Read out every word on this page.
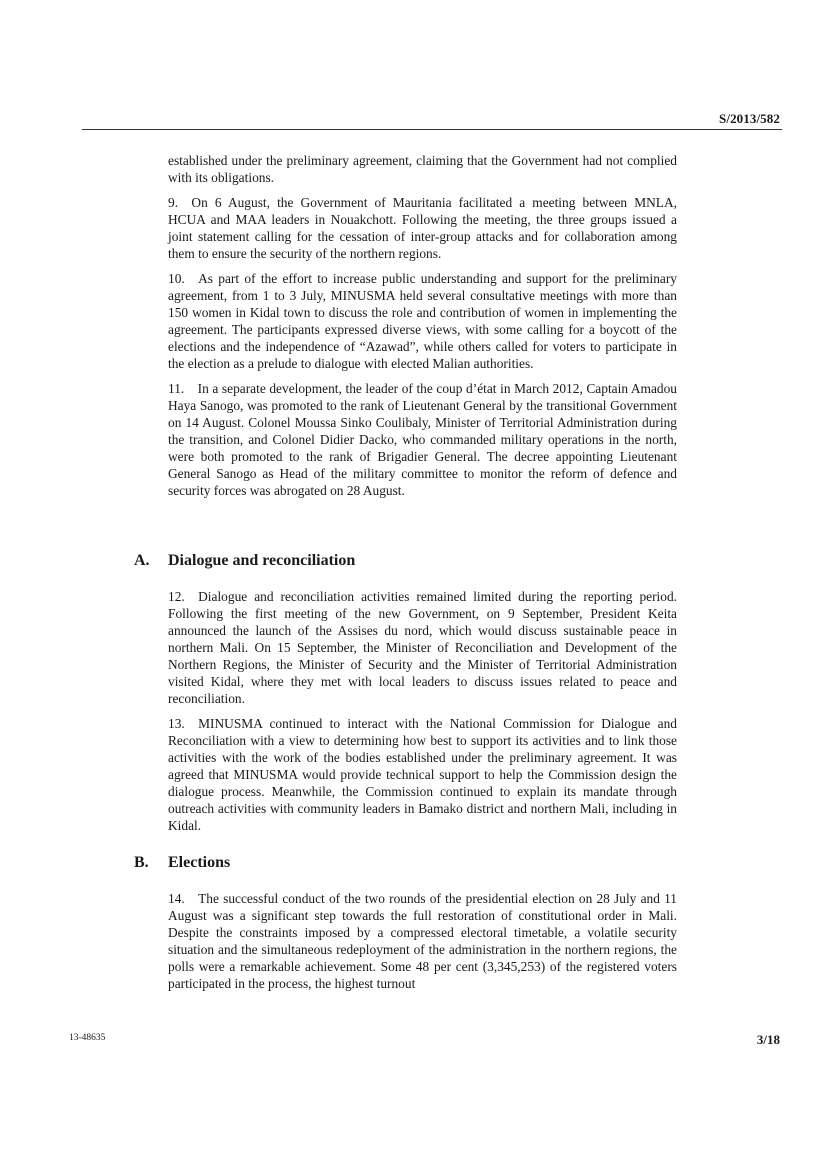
S/2013/582

established under the preliminary agreement, claiming that the Government had not complied with its obligations.

9. On 6 August, the Government of Mauritania facilitated a meeting between MNLA, HCUA and MAA leaders in Nouakchott. Following the meeting, the three groups issued a joint statement calling for the cessation of inter-group attacks and for collaboration among them to ensure the security of the northern regions.

10. As part of the effort to increase public understanding and support for the preliminary agreement, from 1 to 3 July, MINUSMA held several consultative meetings with more than 150 women in Kidal town to discuss the role and contribution of women in implementing the agreement. The participants expressed diverse views, with some calling for a boycott of the elections and the independence of “Azawad”, while others called for voters to participate in the election as a prelude to dialogue with elected Malian authorities.

11. In a separate development, the leader of the coup d’état in March 2012, Captain Amadou Haya Sanogo, was promoted to the rank of Lieutenant General by the transitional Government on 14 August. Colonel Moussa Sinko Coulibaly, Minister of Territorial Administration during the transition, and Colonel Didier Dacko, who commanded military operations in the north, were both promoted to the rank of Brigadier General. The decree appointing Lieutenant General Sanogo as Head of the military committee to monitor the reform of defence and security forces was abrogated on 28 August.

A.	Dialogue and reconciliation

12. Dialogue and reconciliation activities remained limited during the reporting period. Following the first meeting of the new Government, on 9 September, President Keita announced the launch of the Assises du nord, which would discuss sustainable peace in northern Mali. On 15 September, the Minister of Reconciliation and Development of the Northern Regions, the Minister of Security and the Minister of Territorial Administration visited Kidal, where they met with local leaders to discuss issues related to peace and reconciliation.

13. MINUSMA continued to interact with the National Commission for Dialogue and Reconciliation with a view to determining how best to support its activities and to link those activities with the work of the bodies established under the preliminary agreement. It was agreed that MINUSMA would provide technical support to help the Commission design the dialogue process. Meanwhile, the Commission continued to explain its mandate through outreach activities with community leaders in Bamako district and northern Mali, including in Kidal.

B.	Elections

14. The successful conduct of the two rounds of the presidential election on 28 July and 11 August was a significant step towards the full restoration of constitutional order in Mali. Despite the constraints imposed by a compressed electoral timetable, a volatile security situation and the simultaneous redeployment of the administration in the northern regions, the polls were a remarkable achievement. Some 48 per cent (3,345,253) of the registered voters participated in the process, the highest turnout

13-48635	3/18
